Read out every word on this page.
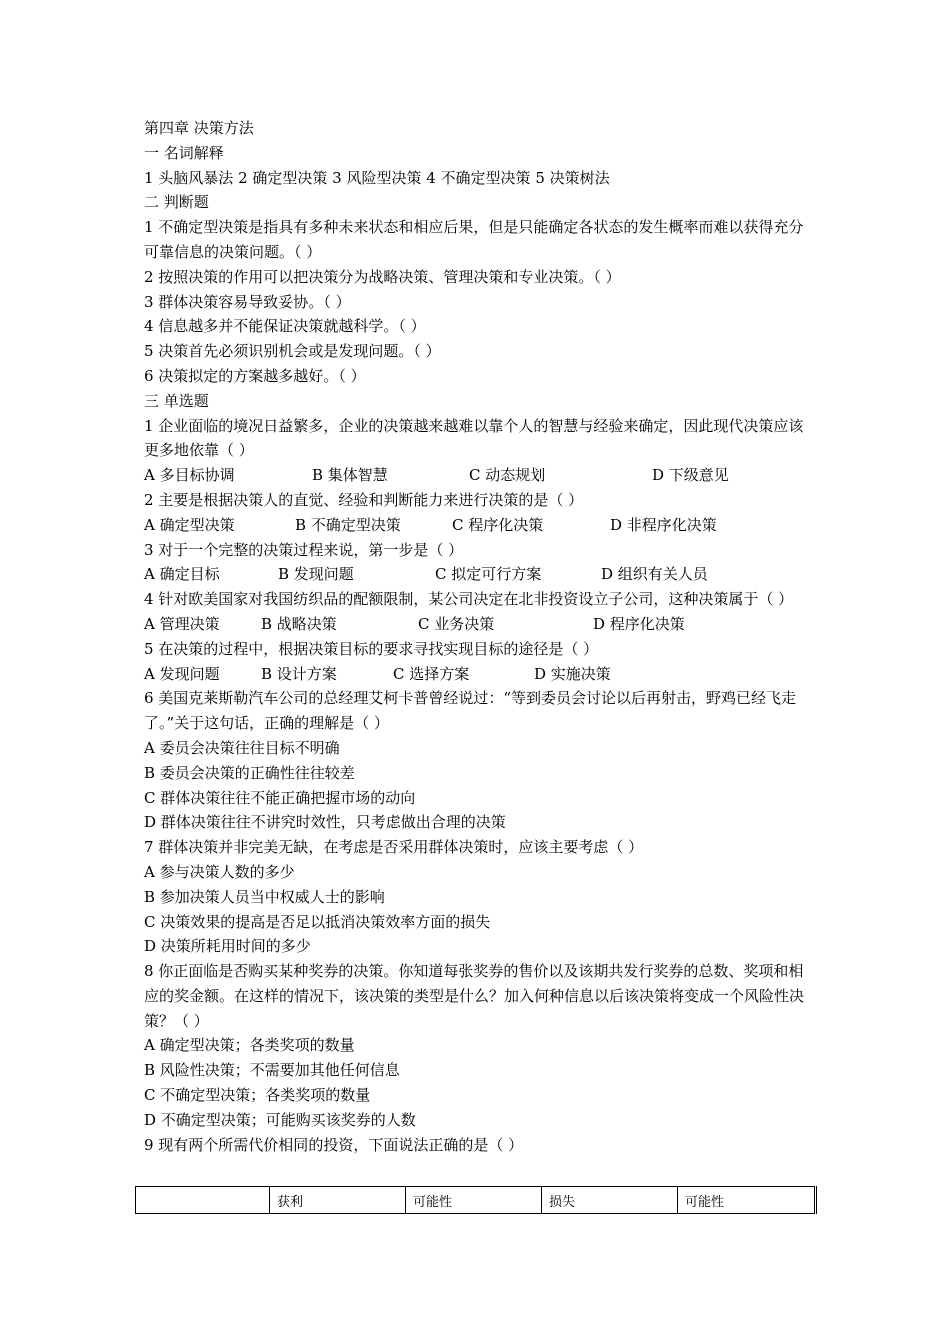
第四章 决策方法
一 名词解释
1 头脑风暴法 2 确定型决策 3 风险型决策 4 不确定型决策 5 决策树法
二 判断题
1 不确定型决策是指具有多种未来状态和相应后果，但是只能确定各状态的发生概率而难以获得充分可靠信息的决策问题。（ ）
2 按照决策的作用可以把决策分为战略决策、管理决策和专业决策。（ ）
3 群体决策容易导致妥协。（ ）
4 信息越多并不能保证决策就越科学。（ ）
5 决策首先必须识别机会或是发现问题。（ ）
6 决策拟定的方案越多越好。（ ）
三 单选题
1 企业面临的境况日益繁多，企业的决策越来越难以靠个人的智慧与经验来确定，因此现代决策应该更多地依靠（ ）
A 多目标协调	B 集体智慧	C 动态规划	D 下级意见
2 主要是根据决策人的直觉、经验和判断能力来进行决策的是（ ）
A 确定型决策	B 不确定型决策	C 程序化决策	D 非程序化决策
3 对于一个完整的决策过程来说，第一步是（ ）
A 确定目标	B 发现问题	C 拟定可行方案	D 组织有关人员
4 针对欧美国家对我国纺织品的配额限制，某公司决定在北非投资设立子公司，这种决策属于（ ）
A 管理决策	B 战略决策	C 业务决策	D 程序化决策
5 在决策的过程中，根据决策目标的要求寻找实现目标的途径是（ ）
A 发现问题	B 设计方案	C 选择方案	D 实施决策
6 美国克莱斯勒汽车公司的总经理艾柯卡普曾经说过：“等到委员会讨论以后再射击，野鸡已经飞走了。”关于这句话，正确的理解是（ ）
A 委员会决策往往目标不明确
B 委员会决策的正确性往往较差
C 群体决策往往不能正确把握市场的动向
D 群体决策往往不讲究时效性，只考虑做出合理的决策
7 群体决策并非完美无缺，在考虑是否采用群体决策时，应该主要考虑（ ）
A 参与决策人数的多少
B 参加决策人员当中权威人士的影响
C 决策效果的提高是否足以抵消决策效率方面的损失
D 决策所耗用时间的多少
8 你正面临是否购买某种奖券的决策。你知道每张奖券的售价以及该期共发行奖券的总数、奖项和相应的奖金额。在这样的情况下，该决策的类型是什么？加入何种信息以后该决策将变成一个风险性决策？（ ）
A 确定型决策；各类奖项的数量
B 风险性决策；不需要加其他任何信息
C 不确定型决策；各类奖项的数量
D 不确定型决策；可能购买该奖券的人数
9 现有两个所需代价相同的投资，下面说法正确的是（ ）
	获利	可能性	损失	可能性
